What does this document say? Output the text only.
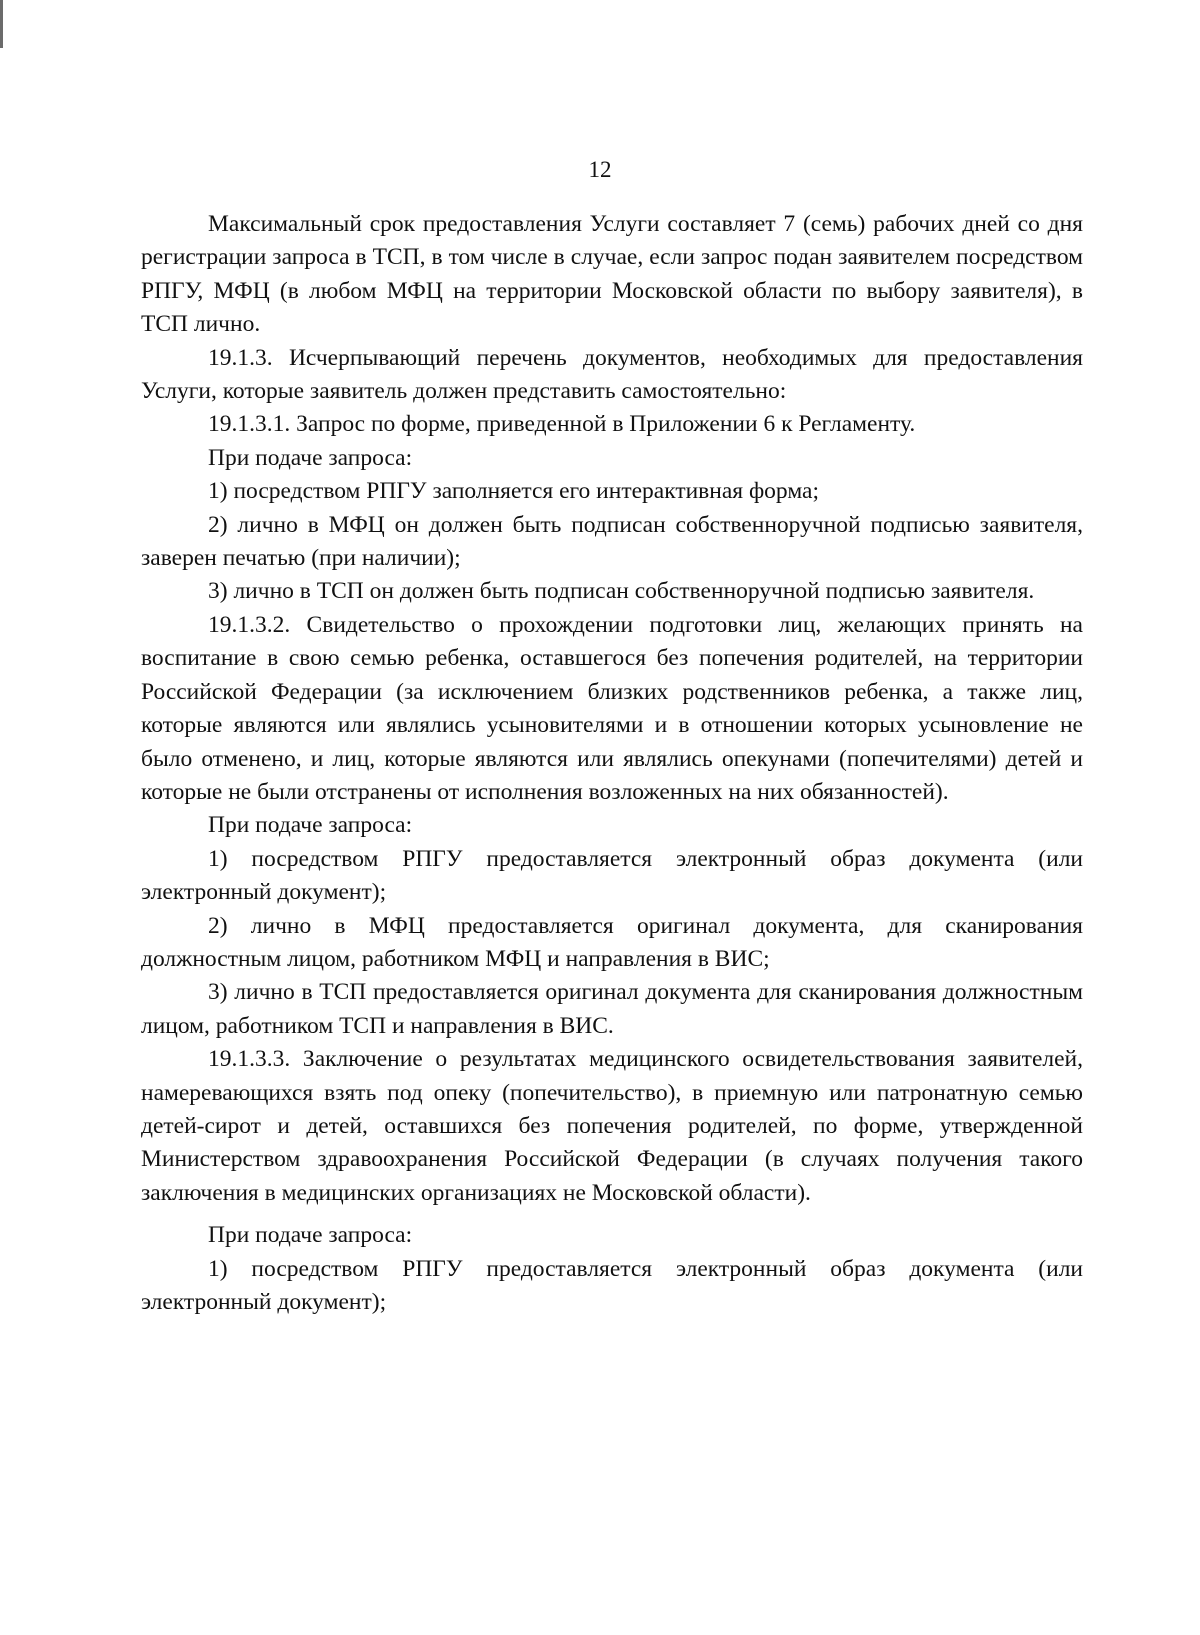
12

Максимальный срок предоставления Услуги составляет 7 (семь) рабочих дней со дня регистрации запроса в ТСП, в том числе в случае, если запрос подан заявителем посредством РПГУ, МФЦ (в любом МФЦ на территории Московской области по выбору заявителя), в ТСП лично.

19.1.3. Исчерпывающий перечень документов, необходимых для предоставления Услуги, которые заявитель должен представить самостоятельно:

19.1.3.1. Запрос по форме, приведенной в Приложении 6 к Регламенту.

При подаче запроса:

1) посредством РПГУ заполняется его интерактивная форма;

2) лично в МФЦ он должен быть подписан собственноручной подписью заявителя, заверен печатью (при наличии);

3) лично в ТСП он должен быть подписан собственноручной подписью заявителя.

19.1.3.2. Свидетельство о прохождении подготовки лиц, желающих принять на воспитание в свою семью ребенка, оставшегося без попечения родителей, на территории Российской Федерации (за исключением близких родственников ребенка, а также лиц, которые являются или являлись усыновителями и в отношении которых усыновление не было отменено, и лиц, которые являются или являлись опекунами (попечителями) детей и которые не были отстранены от исполнения возложенных на них обязанностей).

При подаче запроса:

1) посредством РПГУ предоставляется электронный образ документа (или электронный документ);

2) лично в МФЦ предоставляется оригинал документа, для сканирования должностным лицом, работником МФЦ и направления в ВИС;

3) лично в ТСП предоставляется оригинал документа для сканирования должностным лицом, работником ТСП и направления в ВИС.

19.1.3.3. Заключение о результатах медицинского освидетельствования заявителей, намеревающихся взять под опеку (попечительство), в приемную или патронатную семью детей-сирот и детей, оставшихся без попечения родителей, по форме, утвержденной Министерством здравоохранения Российской Федерации (в случаях получения такого заключения в медицинских организациях не Московской области).

При подаче запроса:

1) посредством РПГУ предоставляется электронный образ документа (или электронный документ);
